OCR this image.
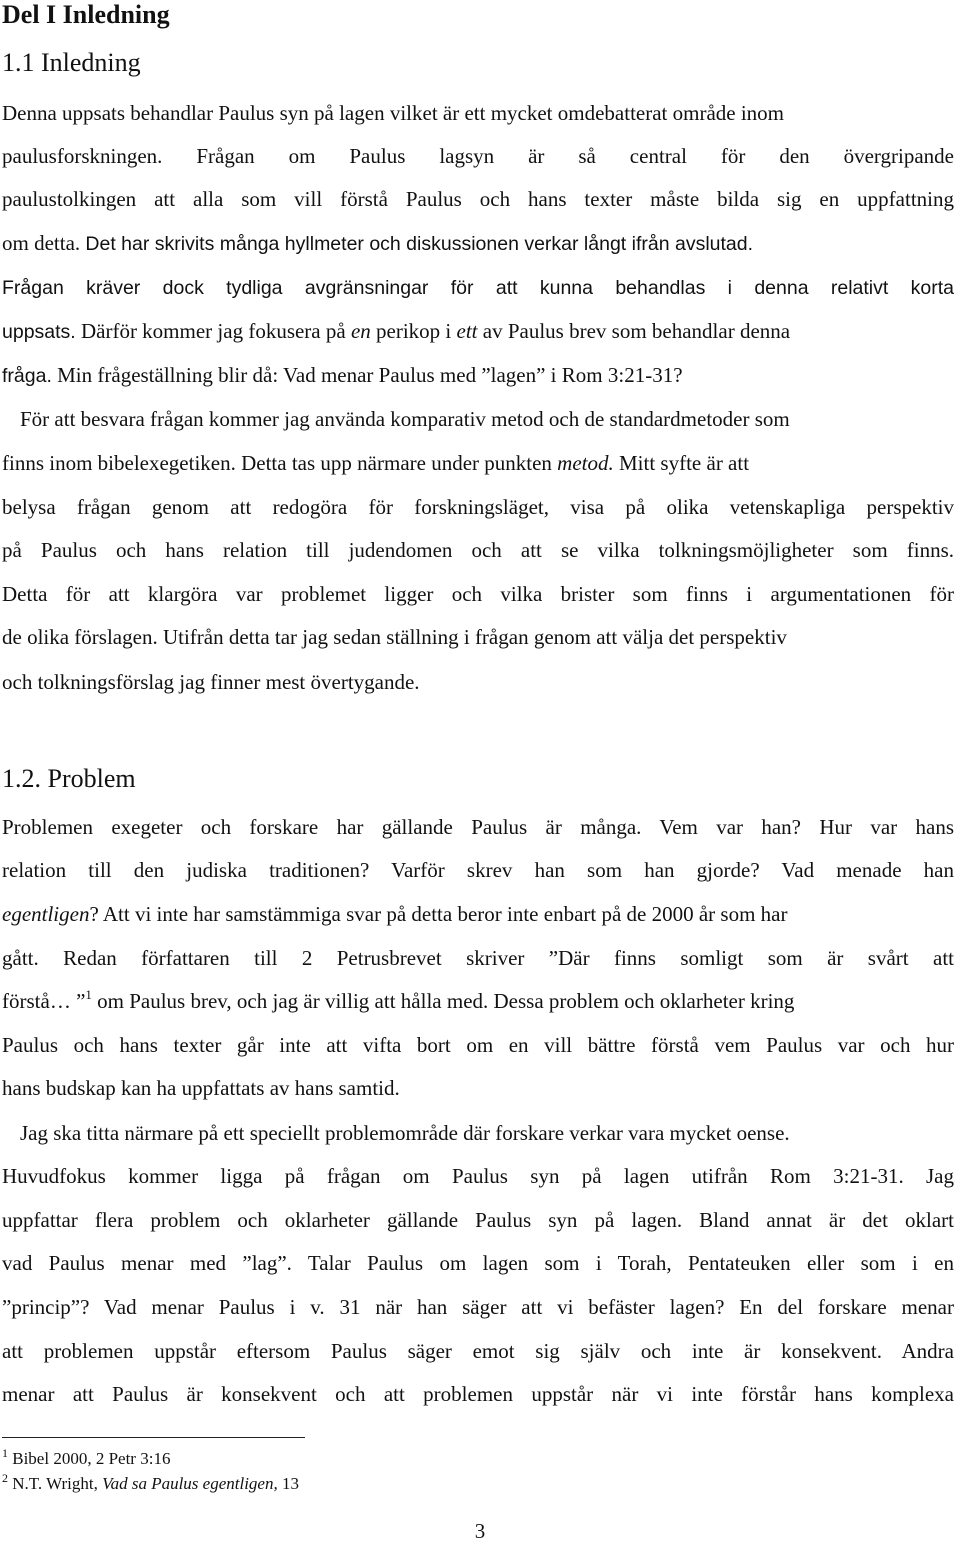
Del I Inledning
1.1 Inledning
Denna uppsats behandlar Paulus syn på lagen vilket är ett mycket omdebatterat område inom
paulusforskningen. Frågan om Paulus lagsyn är så central för den övergripande
paulustolkingen att alla som vill förstå Paulus och hans texter måste bilda sig en uppfattning
om detta. Det har skrivits många hyllmeter och diskussionen verkar långt ifrån avslutad.
Frågan kräver dock tydliga avgränsningar för att kunna behandlas i denna relativt korta
uppsats. Därför kommer jag fokusera på en perikop i ett av Paulus brev som behandlar denna
fråga. Min frågeställning blir då: Vad menar Paulus med ”lagen” i Rom 3:21-31?
För att besvara frågan kommer jag använda komparativ metod och de standardmetoder som
finns inom bibelexegetiken. Detta tas upp närmare under punkten metod. Mitt syfte är att
belysa frågan genom att redogöra för forskningsläget, visa på olika vetenskapliga perspektiv
på Paulus och hans relation till judendomen och att se vilka tolkningsmöjligheter som finns.
Detta för att klargöra var problemet ligger och vilka brister som finns i argumentationen för
de olika förslagen. Utifrån detta tar jag sedan ställning i frågan genom att välja det perspektiv
och tolkningsförslag jag finner mest övertygande.
1.2. Problem
Problemen exegeter och forskare har gällande Paulus är många. Vem var han? Hur var hans
relation till den judiska traditionen? Varför skrev han som han gjorde? Vad menade han
egentligen? Att vi inte har samstämmiga svar på detta beror inte enbart på de 2000 år som har
gått. Redan författaren till 2 Petrusbrevet skriver ”Där finns somligt som är svårt att
förstå… ”$^1$ om Paulus brev, och jag är villig att hålla med. Dessa problem och oklarheter kring
Paulus och hans texter går inte att vifta bort om en vill bättre förstå vem Paulus var och hur
hans budskap kan ha uppfattats av hans samtid.
Jag ska titta närmare på ett speciellt problemområde där forskare verkar vara mycket oense.
Huvudfokus kommer ligga på frågan om Paulus syn på lagen utifrån Rom 3:21-31. Jag
uppfattar flera problem och oklarheter gällande Paulus syn på lagen. Bland annat är det oklart
vad Paulus menar med ”lag”. Talar Paulus om lagen som i Torah, Pentateuken eller som i en
”princip”? Vad menar Paulus i v. 31 när han säger att vi befäster lagen? En del forskare menar
att problemen uppstår eftersom Paulus säger emot sig själv och inte är konsekvent. Andra
menar att Paulus är konsekvent och att problemen uppstår när vi inte förstår hans komplexa
$^1$ Bibel 2000, 2 Petr 3:16
$^2$ N.T. Wright, Vad sa Paulus egentligen, 13
3
